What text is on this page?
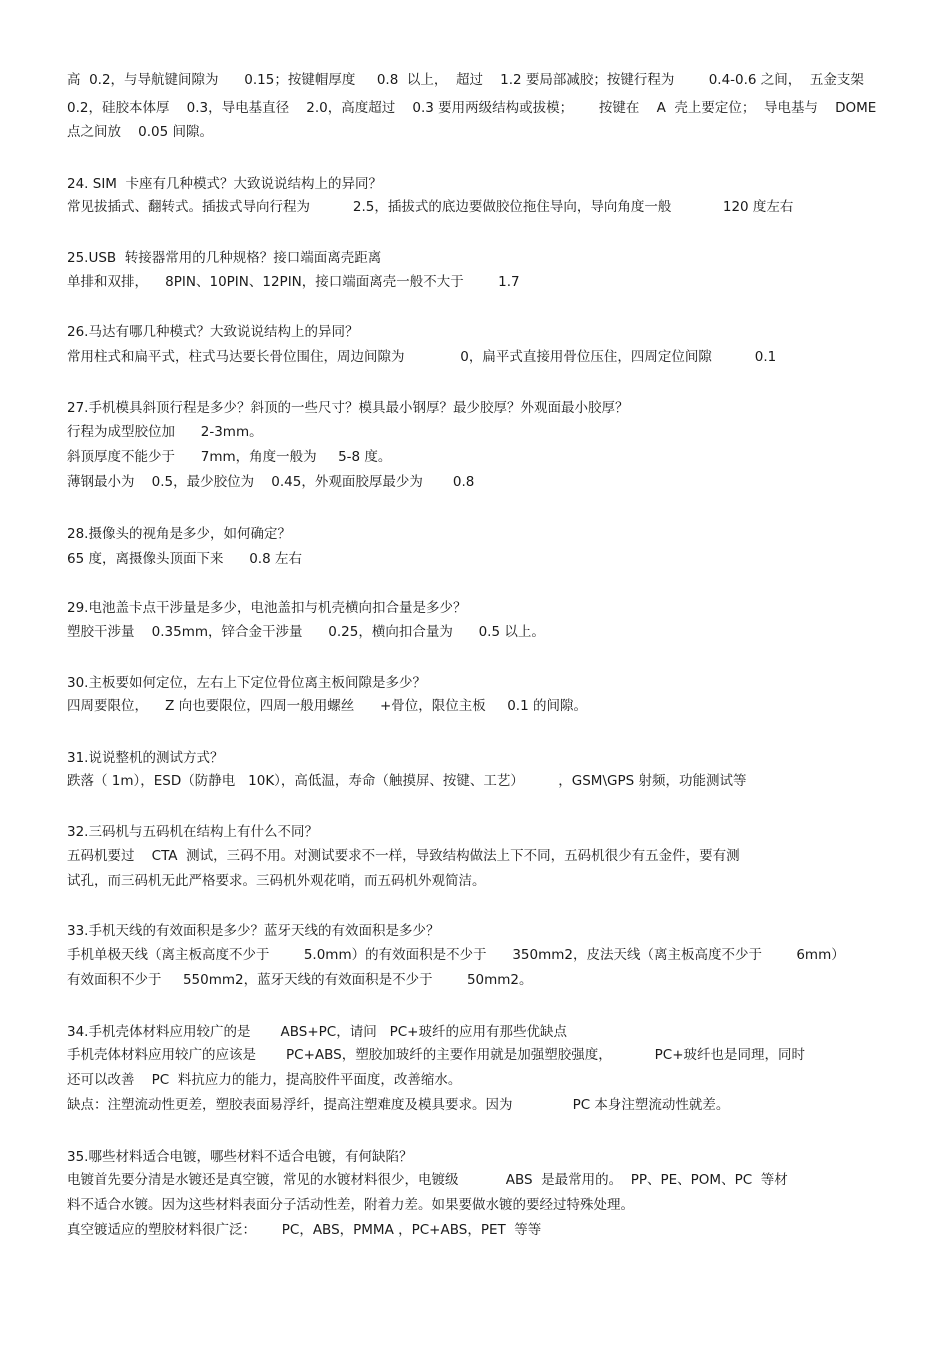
高  0.2，与导航键间隙为      0.15；按键帽厚度     0.8  以上，  超过    1.2 要局部减胶；按键行程为        0.4-0.6 之间，  五金支架
0.2，硅胶本体厚    0.3，导电基直径    2.0，高度超过    0.3 要用两级结构或拔模；      按键在    A  壳上要定位；  导电基与    DOME
点之间放    0.05 间隙。
24. SIM  卡座有几种模式？大致说说结构上的异同？
常见拔插式、翻转式。插拔式导向行程为          2.5，插拔式的底边要做胶位拖住导向，导向角度一般            120 度左右
25.USB  转接器常用的几种规格？接口端面离壳距离
单排和双排，    8PIN、10PIN、12PIN，接口端面离壳一般不大于        1.7
26.马达有哪几种模式？大致说说结构上的异同？
常用柱式和扁平式，柱式马达要长骨位围住，周边间隙为             0，扁平式直接用骨位压住，四周定位间隙          0.1
27.手机模具斜顶行程是多少？斜顶的一些尺寸？模具最小钢厚？最少胶厚？外观面最小胶厚？
行程为成型胶位加      2-3mm。
斜顶厚度不能少于      7mm，角度一般为     5-8 度。
薄钢最小为    0.5，最少胶位为    0.45，外观面胶厚最少为       0.8
28.摄像头的视角是多少，如何确定？
65 度，离摄像头顶面下来      0.8 左右
29.电池盖卡点干涉量是多少，电池盖扣与机壳横向扣合量是多少？
塑胶干涉量    0.35mm，锌合金干涉量      0.25，横向扣合量为      0.5 以上。
30.主板要如何定位，左右上下定位骨位离主板间隙是多少？
四周要限位，    Z 向也要限位，四周一般用螺丝      +骨位，限位主板     0.1 的间隙。
31.说说整机的测试方式？
跌落（ 1m），ESD（防静电   10K），高低温，寿命（触摸屏、按键、工艺）        ，GSM\GPS 射频，功能测试等
32.三码机与五码机在结构上有什么不同？
五码机要过    CTA  测试，三码不用。对测试要求不一样，导致结构做法上下不同，五码机很少有五金件，要有测
试孔，而三码机无此严格要求。三码机外观花哨，而五码机外观简洁。
33.手机天线的有效面积是多少？蓝牙天线的有效面积是多少？
手机单极天线（离主板高度不少于        5.0mm）的有效面积是不少于      350mm2，皮法天线（离主板高度不少于        6mm）
有效面积不少于     550mm2，蓝牙天线的有效面积是不少于        50mm2。
34.手机壳体材料应用较广的是       ABS+PC，请问   PC+玻纤的应用有那些优缺点
手机壳体材料应用较广的应该是       PC+ABS，塑胶加玻纤的主要作用就是加强塑胶强度，          PC+玻纤也是同理，同时
还可以改善    PC  料抗应力的能力，提高胶件平面度，改善缩水。
缺点：注塑流动性更差，塑胶表面易浮纤，提高注塑难度及模具要求。因为              PC 本身注塑流动性就差。
35.哪些材料适合电镀，哪些材料不适合电镀，有何缺陷？
电镀首先要分清是水镀还是真空镀，常见的水镀材料很少，电镀级           ABS  是最常用的。  PP、PE、POM、PC  等材
料不适合水镀。因为这些材料表面分子活动性差，附着力差。如果要做水镀的要经过特殊处理。
真空镀适应的塑胶材料很广泛：      PC，ABS，PMMA ，PC+ABS，PET  等等
